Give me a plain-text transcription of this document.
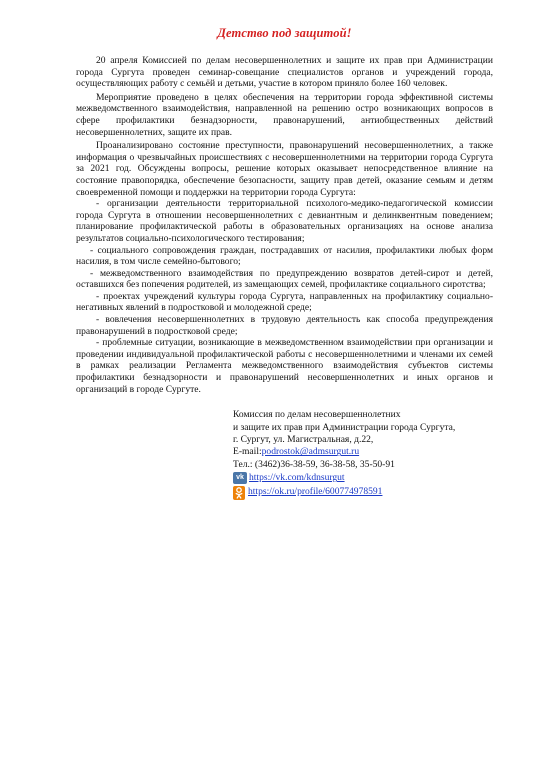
Детство под защитой!

20 апреля Комиссией по делам несовершеннолетних и защите их прав при Администрации города Сургута проведен семинар-совещание специалистов органов и учреждений города, осуществляющих работу с семьёй и детьми, участие в котором приняло более 160 человек.

Мероприятие проведено в целях обеспечения на территории города эффективной системы межведомственного взаимодействия, направленной на решению остро возникающих вопросов в сфере профилактики безнадзорности, правонарушений, антиобщественных действий несовершеннолетних, защите их прав.

Проанализировано состояние преступности, правонарушений несовершеннолетних, а также информация о чрезвычайных происшествиях с несовершеннолетними на территории города Сургута за 2021 год. Обсуждены вопросы, решение которых оказывает непосредственное влияние на состояние правопорядка, обеспечение безопасности, защиту прав детей, оказание семьям и детям своевременной помощи и поддержки на территории города Сургута:

- организации деятельности территориальной психолого-медико-педагогической комиссии города Сургута в отношении несовершеннолетних с девиантным и делинквентным поведением; планирование профилактической работы в образовательных организациях на основе анализа результатов социально-психологического тестирования;

- социального сопровождения граждан, пострадавших от насилия, профилактики любых форм насилия, в том числе семейно-бытового;

- межведомственного взаимодействия по предупреждению возвратов детей-сирот и детей, оставшихся без попечения родителей, из замещающих семей, профилактике социального сиротства;

- проектах учреждений культуры города Сургута, направленных на профилактику социально-негативных явлений в подростковой и молодежной среде;

- вовлечения несовершеннолетних в трудовую деятельность как способа предупреждения правонарушений в подростковой среде;

- проблемные ситуации, возникающие в межведомственном взаимодействии при организации и проведении индивидуальной профилактической работы с несовершеннолетними и членами их семей в рамках реализации Регламента межведомственного взаимодействия субъектов системы профилактики безнадзорности и правонарушений несовершеннолетних и иных органов и организаций в городе Сургуте.

Комиссия по делам несовершеннолетних
и защите их прав при Администрации города Сургута,
г. Сургут, ул. Магистральная, д.22,
E-mail:podrostok@admsurgut.ru
Тел.: (3462)36-38-59, 36-38-58, 35-50-91
vk https://vk.com/kdnsurgut
https://ok.ru/profile/600774978591
